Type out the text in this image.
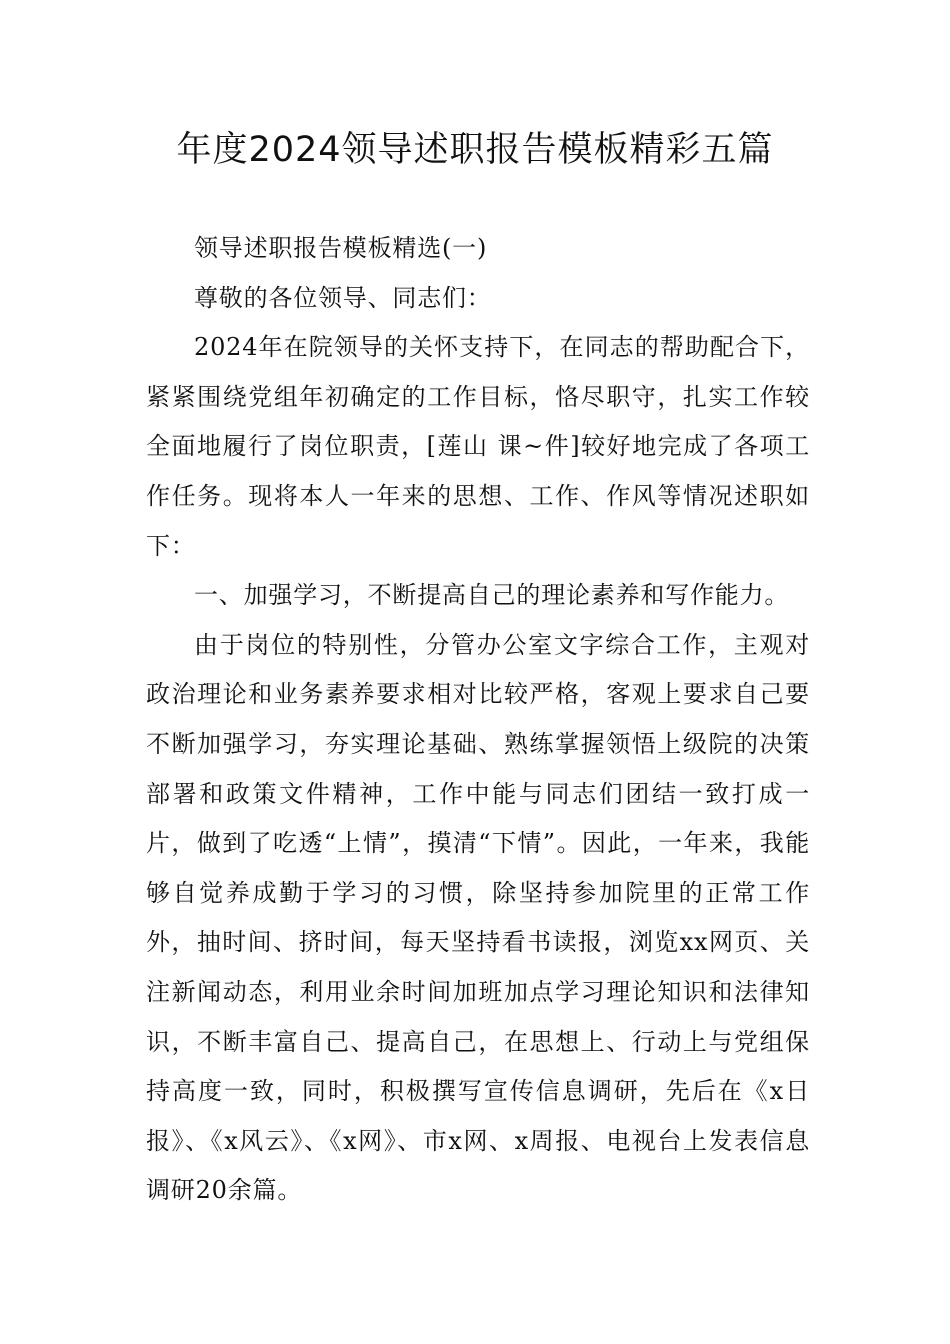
年度2024领导述职报告模板精彩五篇

领导述职报告模板精选(一)

尊敬的各位领导、同志们：

2024年在院领导的关怀支持下，在同志的帮助配合下，紧紧围绕党组年初确定的工作目标，恪尽职守，扎实工作较全面地履行了岗位职责，[莲山 课~件]较好地完成了各项工作任务。现将本人一年来的思想、工作、作风等情况述职如下：

一、加强学习，不断提高自己的理论素养和写作能力。

由于岗位的特别性，分管办公室文字综合工作，主观对政治理论和业务素养要求相对比较严格，客观上要求自己要不断加强学习，夯实理论基础、熟练掌握领悟上级院的决策部署和政策文件精神，工作中能与同志们团结一致打成一片，做到了吃透“上情”，摸清“下情”。因此，一年来，我能够自觉养成勤于学习的习惯，除坚持参加院里的正常工作外，抽时间、挤时间，每天坚持看书读报，浏览xx网页、关注新闻动态，利用业余时间加班加点学习理论知识和法律知识，不断丰富自己、提高自己，在思想上、行动上与党组保持高度一致，同时，积极撰写宣传信息调研，先后在《x日报》、《x风云》、《x网》、市x网、x周报、电视台上发表信息调研20余篇。
